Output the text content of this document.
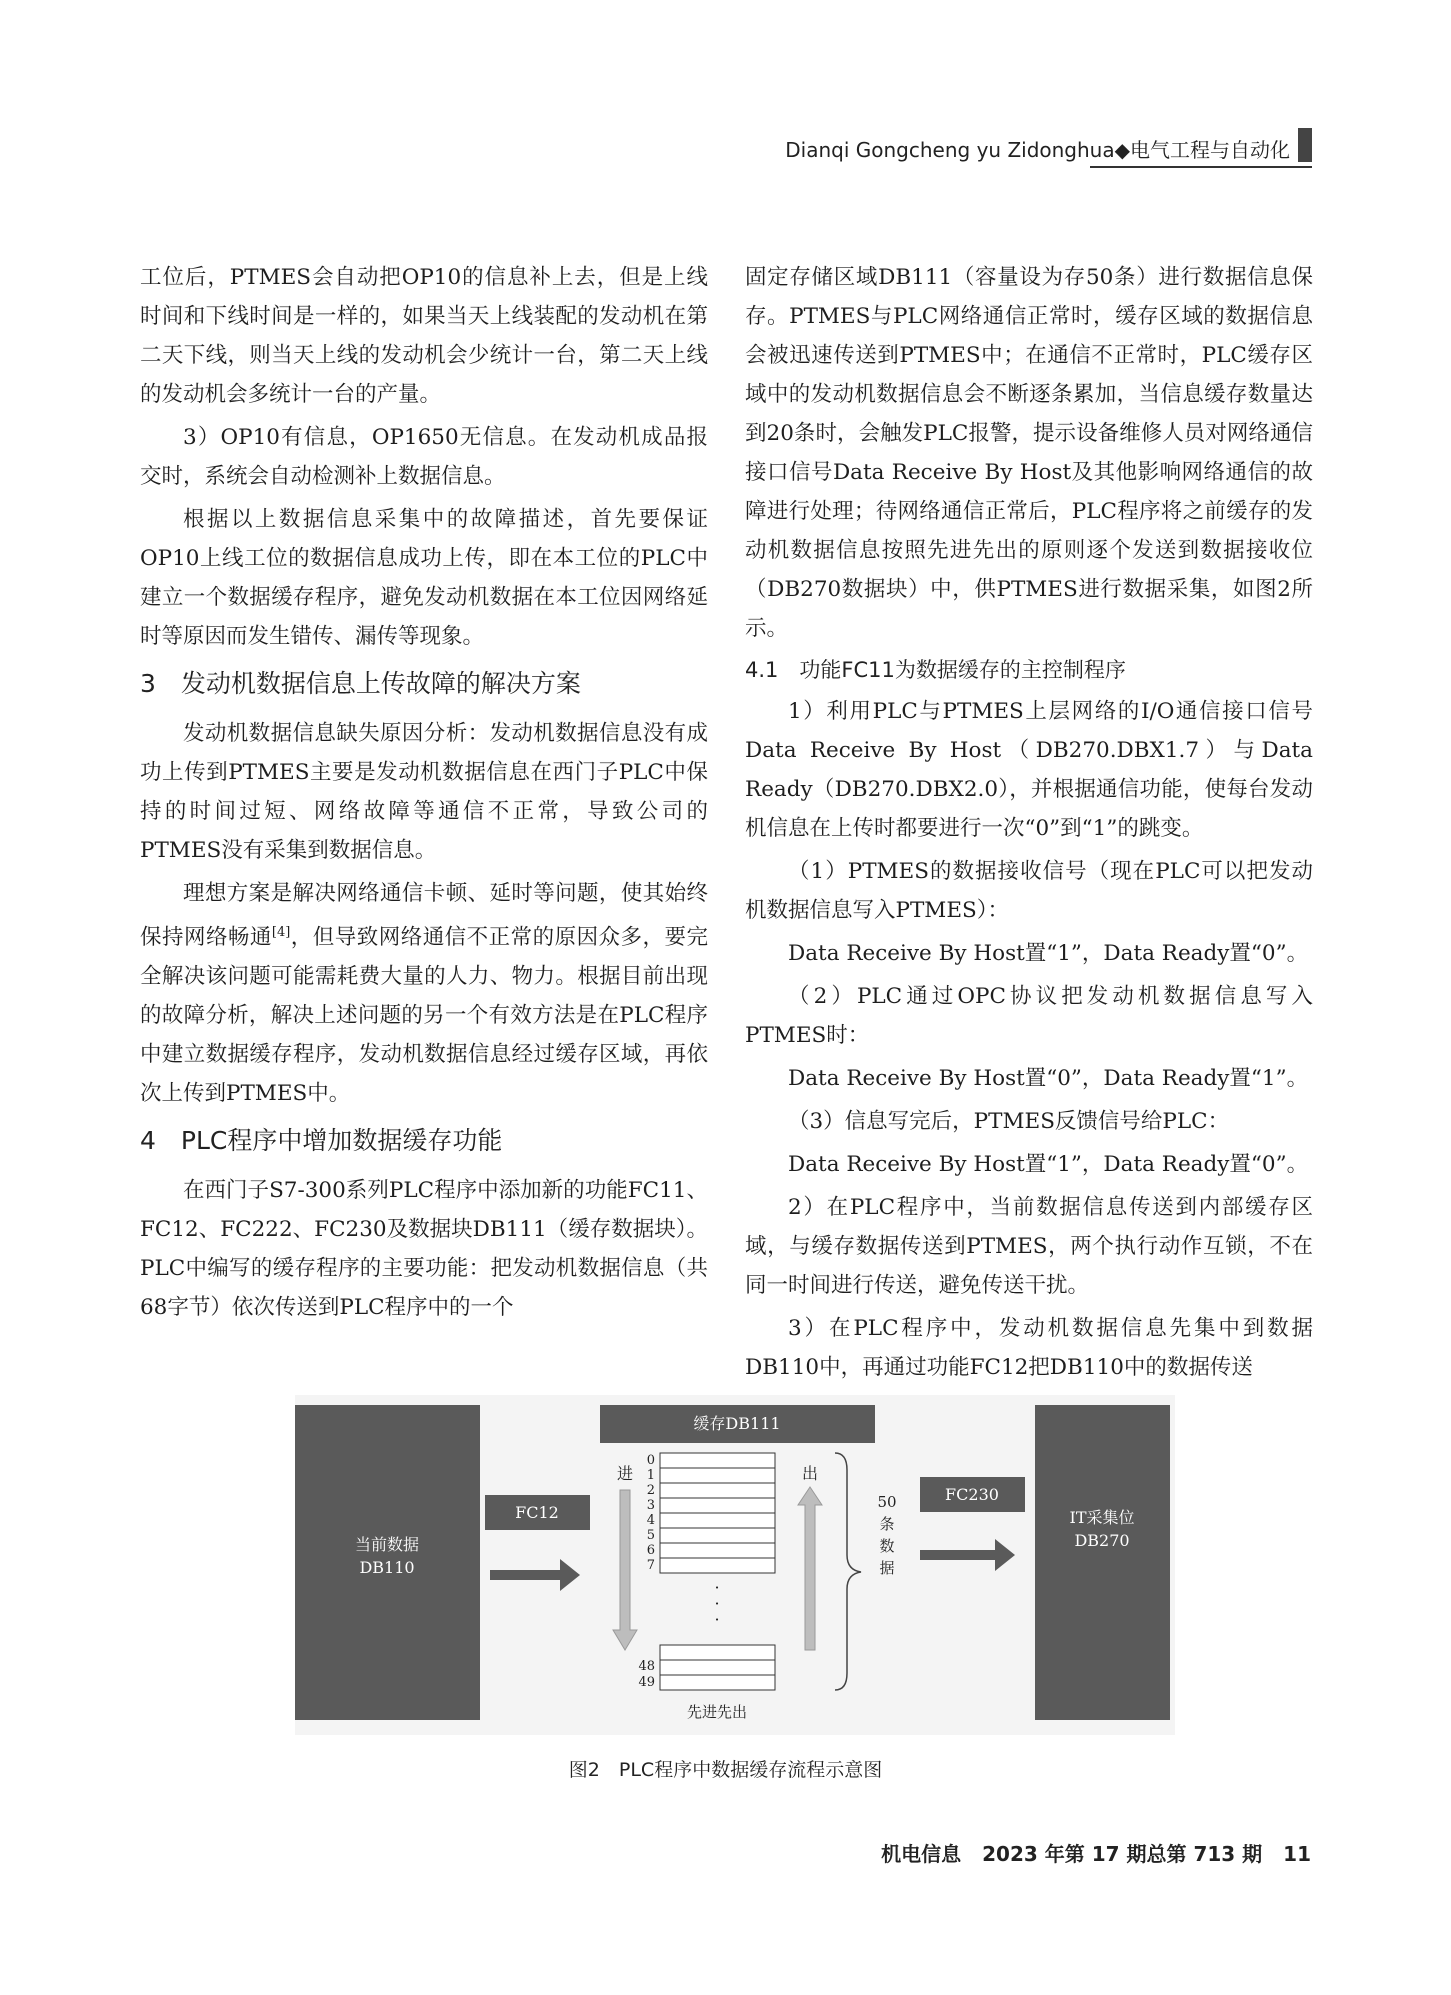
Dianqi Gongcheng yu Zidonghua◆电气工程与自动化

工位后，PTMES会自动把OP10的信息补上去，但是上线时间和下线时间是一样的，如果当天上线装配的发动机在第二天下线，则当天上线的发动机会少统计一台，第二天上线的发动机会多统计一台的产量。

3）OP10有信息，OP1650无信息。在发动机成品报交时，系统会自动检测补上数据信息。

根据以上数据信息采集中的故障描述，首先要保证OP10上线工位的数据信息成功上传，即在本工位的PLC中建立一个数据缓存程序，避免发动机数据在本工位因网络延时等原因而发生错传、漏传等现象。

3　发动机数据信息上传故障的解决方案

发动机数据信息缺失原因分析：发动机数据信息没有成功上传到PTMES主要是发动机数据信息在西门子PLC中保持的时间过短、网络故障等通信不正常，导致公司的PTMES没有采集到数据信息。

理想方案是解决网络通信卡顿、延时等问题，使其始终保持网络畅通[4]，但导致网络通信不正常的原因众多，要完全解决该问题可能需耗费大量的人力、物力。根据目前出现的故障分析，解决上述问题的另一个有效方法是在PLC程序中建立数据缓存程序，发动机数据信息经过缓存区域，再依次上传到PTMES中。

4　PLC程序中增加数据缓存功能

在西门子S7-300系列PLC程序中添加新的功能FC11、FC12、FC222、FC230及数据块DB111（缓存数据块）。PLC中编写的缓存程序的主要功能：把发动机数据信息（共68字节）依次传送到PLC程序中的一个

固定存储区域DB111（容量设为存50条）进行数据信息保存。PTMES与PLC网络通信正常时，缓存区域的数据信息会被迅速传送到PTMES中；在通信不正常时，PLC缓存区域中的发动机数据信息会不断逐条累加，当信息缓存数量达到20条时，会触发PLC报警，提示设备维修人员对网络通信接口信号Data Receive By Host及其他影响网络通信的故障进行处理；待网络通信正常后，PLC程序将之前缓存的发动机数据信息按照先进先出的原则逐个发送到数据接收位（DB270数据块）中，供PTMES进行数据采集，如图2所示。

4.1　功能FC11为数据缓存的主控制程序

1）利用PLC与PTMES上层网络的I/O通信接口信号Data Receive By Host（DB270.DBX1.7）与Data Ready（DB270.DBX2.0），并根据通信功能，使每台发动机信息在上传时都要进行一次“0”到“1”的跳变。

（1）PTMES的数据接收信号（现在PLC可以把发动机数据信息写入PTMES）：

Data Receive By Host置“1”，Data Ready置“0”。

（2）PLC通过OPC协议把发动机数据信息写入PTMES时：

Data Receive By Host置“0”，Data Ready置“1”。

（3）信息写完后，PTMES反馈信号给PLC：

Data Receive By Host置“1”，Data Ready置“0”。

2）在PLC程序中，当前数据信息传送到内部缓存区域，与缓存数据传送到PTMES，两个执行动作互锁，不在同一时间进行传送，避免传送干扰。

3）在PLC程序中，发动机数据信息先集中到数据DB110中，再通过功能FC12把DB110中的数据传送

当前数据
DB110
FC12
缓存DB111
进
0
1
2
3
4
5
6
7
48
49
·
·
·
出
50
条
数
据
FC230
IT采集位
DB270
先进先出
图2　PLC程序中数据缓存流程示意图
机电信息 2023 年第 17 期总第 713 期 11
